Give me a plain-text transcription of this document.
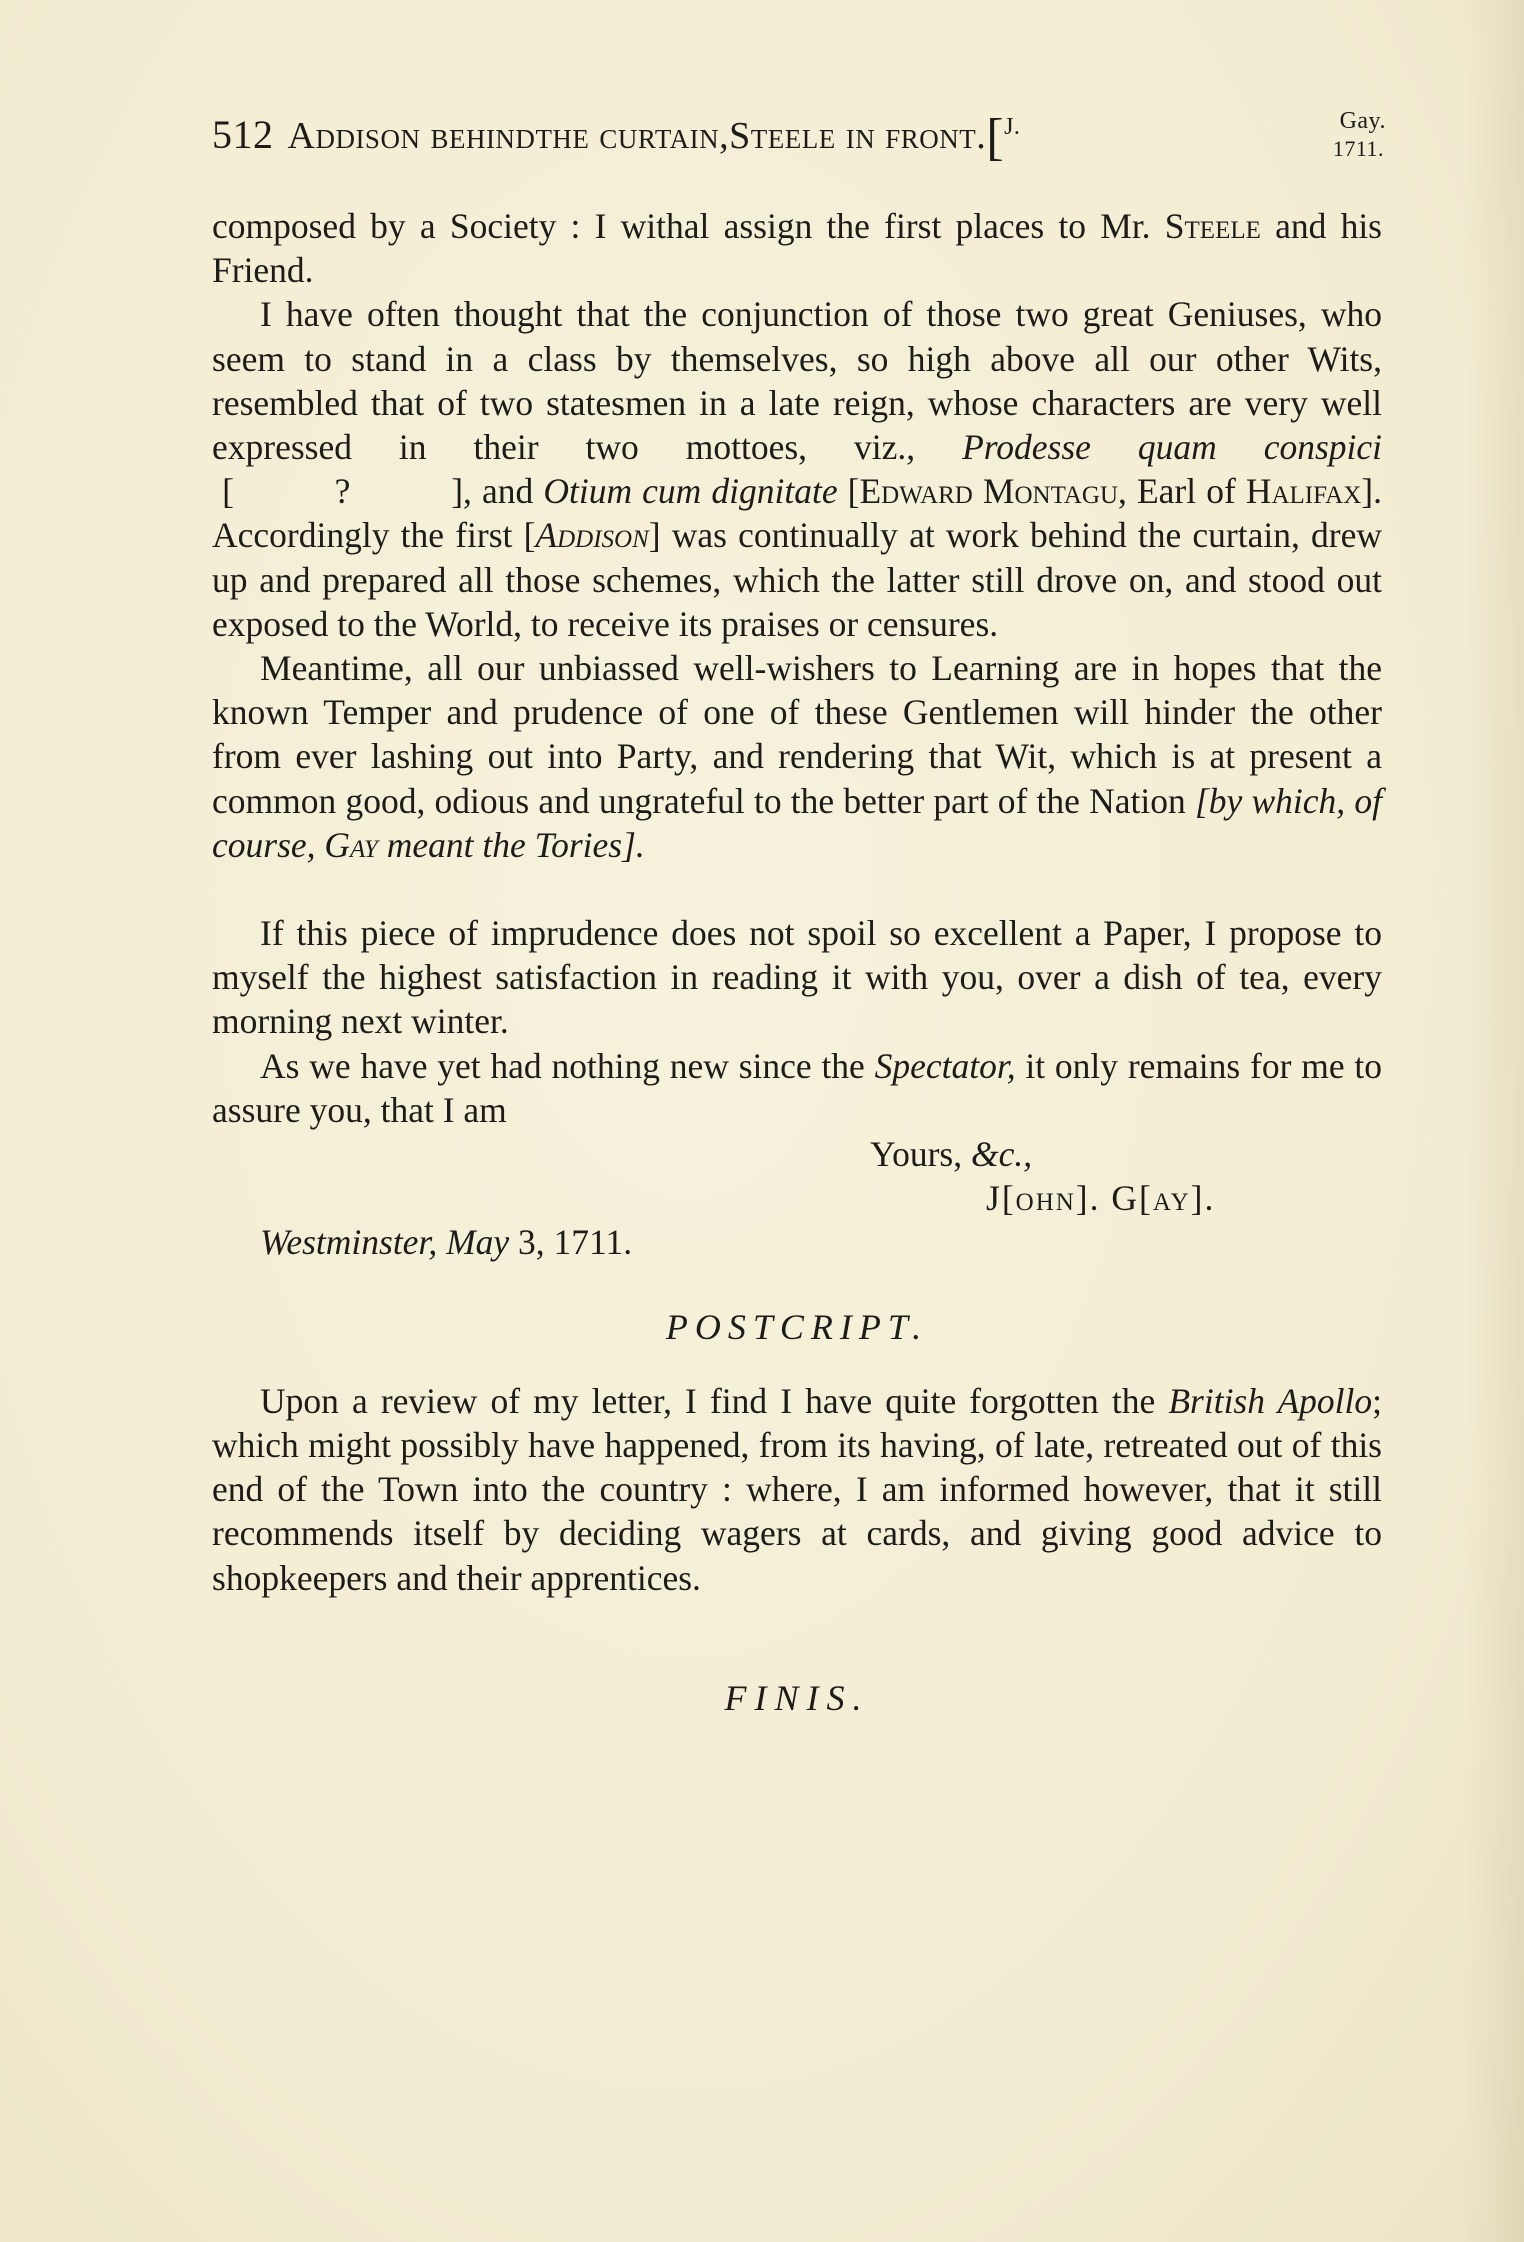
512 Addison behindthe curtain,Steele in front.[$^{J.}$	Gay.
1711.

composed by a Society : I withal assign the first places to Mr. Steele and his Friend.

I have often thought that the conjunction of those two great Geniuses, who seem to stand in a class by themselves, so high above all our other Wits, resembled that of two statesmen in a late reign, whose characters are very well expressed in their two mottoes, viz., Prodesse quam conspici [          ?          ], and Otium cum dignitate [Edward Montagu, Earl of Halifax]. Accordingly the first [Addison] was continually at work behind the curtain, drew up and prepared all those schemes, which the latter still drove on, and stood out exposed to the World, to receive its praises or censures.

Meantime, all our unbiassed well-wishers to Learning are in hopes that the known Temper and prudence of one of these Gentlemen will hinder the other from ever lashing out into Party, and rendering that Wit, which is at present a common good, odious and ungrateful to the better part of the Nation [by which, of course, Gay meant the Tories].

If this piece of imprudence does not spoil so excellent a Paper, I propose to myself the highest satisfaction in reading it with you, over a dish of tea, every morning next winter.

As we have yet had nothing new since the Spectator, it only remains for me to assure you, that I am

Yours, &c.,

J[ohn]. G[ay].

Westminster, May 3, 1711.

POSTCRIPT.

Upon a review of my letter, I find I have quite forgotten the British Apollo; which might possibly have happened, from its having, of late, retreated out of this end of the Town into the country : where, I am informed however, that it still recommends itself by deciding wagers at cards, and giving good advice to shopkeepers and their apprentices.

FINIS.
